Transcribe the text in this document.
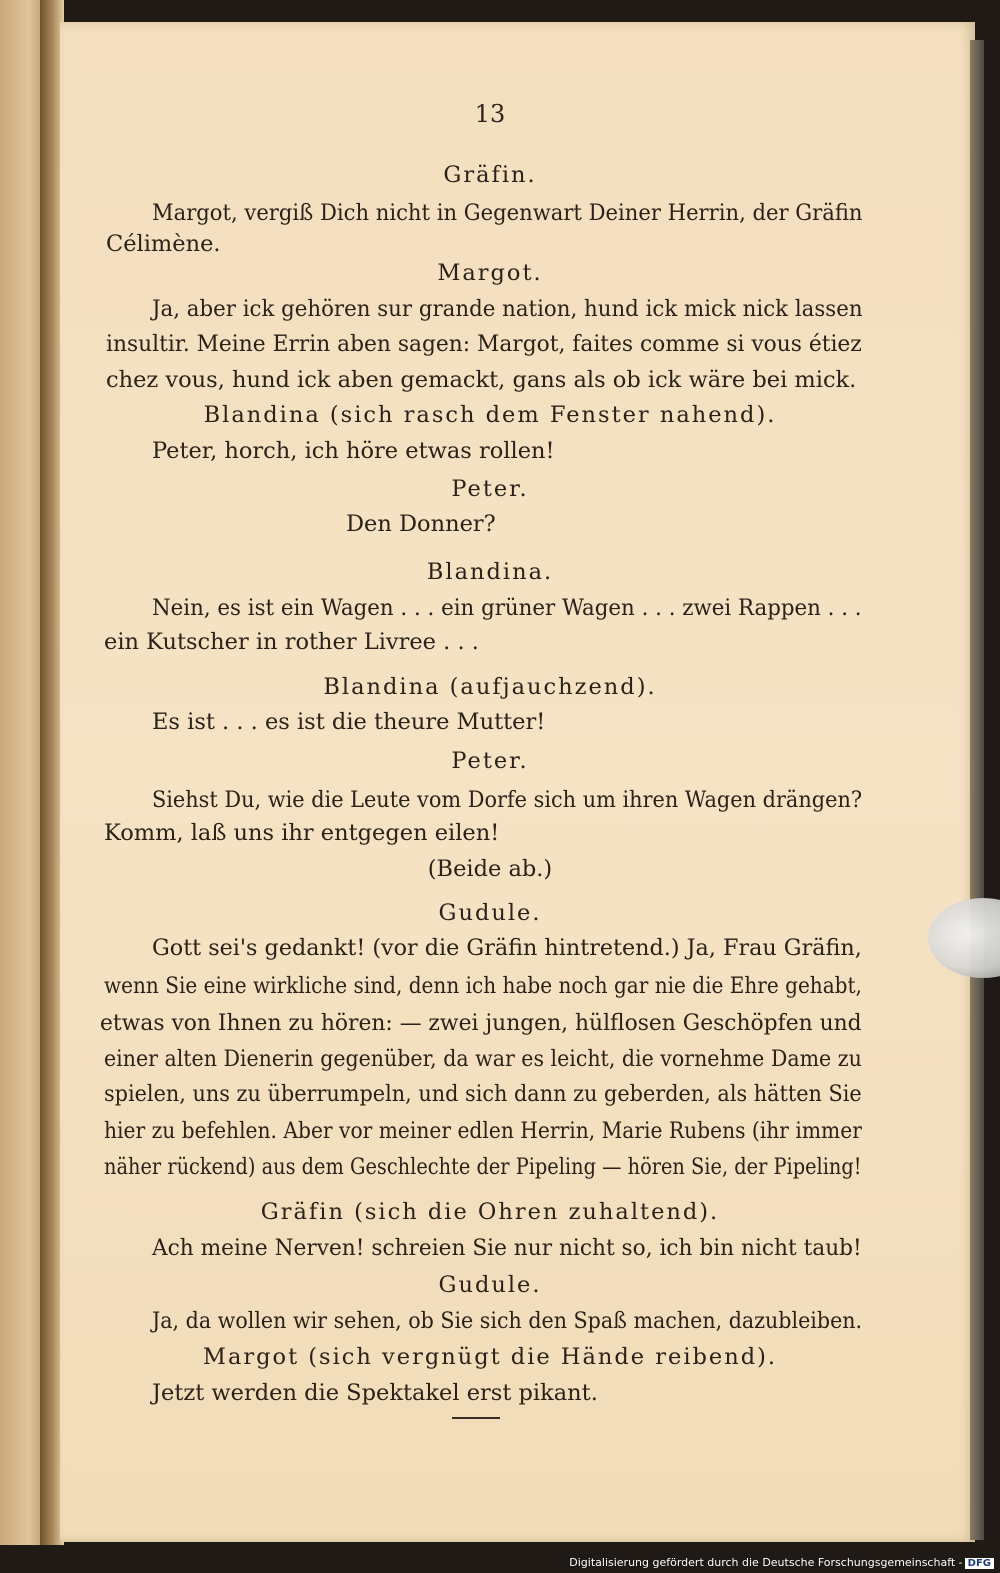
13
Gräfin.
Margot, vergiß Dich nicht in Gegenwart Deiner Herrin, der Gräfin
Célimène.
Margot.
Ja, aber ick gehören sur grande nation, hund ick mick nick lassen
insultir. Meine Errin aben sagen: Margot, faites comme si vous étiez
chez vous, hund ick aben gemackt, gans als ob ick wäre bei mick.
Blandina (sich rasch dem Fenster nahend).
Peter, horch, ich höre etwas rollen!
Peter.
Den Donner?
Blandina.
Nein, es ist ein Wagen . . . ein grüner Wagen . . . zwei Rappen . . .
ein Kutscher in rother Livree . . .
Blandina (aufjauchzend).
Es ist . . . es ist die theure Mutter!
Peter.
Siehst Du, wie die Leute vom Dorfe sich um ihren Wagen drängen?
Komm, laß uns ihr entgegen eilen!
(Beide ab.)
Gudule.
Gott sei's gedankt! (vor die Gräfin hintretend.) Ja, Frau Gräfin,
wenn Sie eine wirkliche sind, denn ich habe noch gar nie die Ehre gehabt,
etwas von Ihnen zu hören: — zwei jungen, hülflosen Geschöpfen und
einer alten Dienerin gegenüber, da war es leicht, die vornehme Dame zu
spielen, uns zu überrumpeln, und sich dann zu geberden, als hätten Sie
hier zu befehlen. Aber vor meiner edlen Herrin, Marie Rubens (ihr immer
näher rückend) aus dem Geschlechte der Pipeling — hören Sie, der Pipeling!
Gräfin (sich die Ohren zuhaltend).
Ach meine Nerven! schreien Sie nur nicht so, ich bin nicht taub!
Gudule.
Ja, da wollen wir sehen, ob Sie sich den Spaß machen, dazubleiben.
Margot (sich vergnügt die Hände reibend).
Jetzt werden die Spektakel erst pikant.
Digitalisierung gefördert durch die Deutsche Forschungsgemeinschaft - DFG
